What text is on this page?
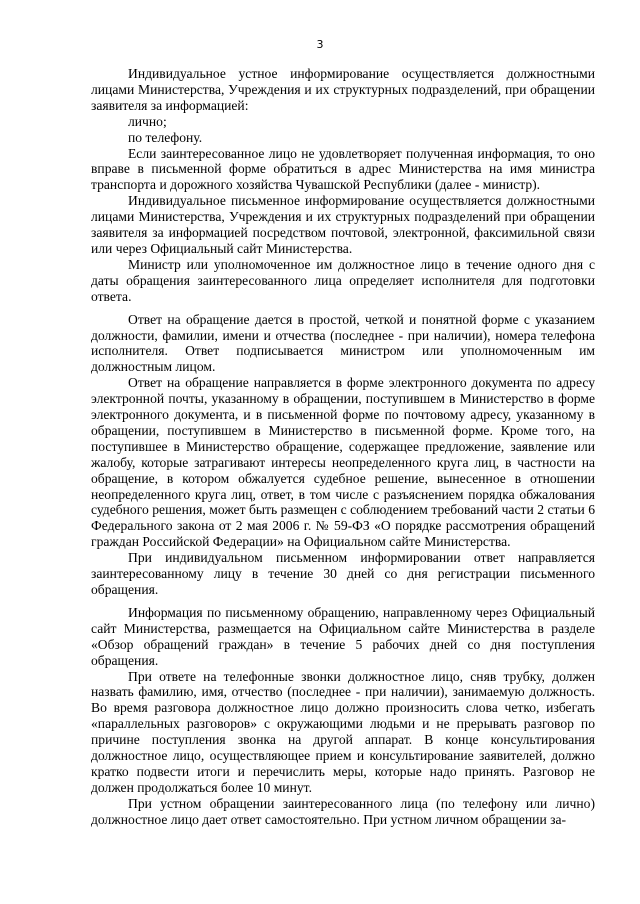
3

Индивидуальное устное информирование осуществляется должностными лицами Министерства, Учреждения и их структурных подразделений, при обращении заявителя за информацией:

лично;

по телефону.

Если заинтересованное лицо не удовлетворяет полученная информация, то оно вправе в письменной форме обратиться в адрес Министерства на имя министра транспорта и дорожного хозяйства Чувашской Республики (далее - министр).

Индивидуальное письменное информирование осуществляется должностными лицами Министерства, Учреждения и их структурных подразделений при обращении заявителя за информацией посредством почтовой, электронной, факсимильной связи или через Официальный сайт Министерства.

Министр или уполномоченное им должностное лицо в течение одного дня с даты обращения заинтересованного лица определяет исполнителя для подготовки ответа.

Ответ на обращение дается в простой, четкой и понятной форме с указанием должности, фамилии, имени и отчества (последнее - при наличии), номера телефона исполнителя. Ответ подписывается министром или уполномоченным им должностным лицом.

Ответ на обращение направляется в форме электронного документа по адресу электронной почты, указанному в обращении, поступившем в Министерство в форме электронного документа, и в письменной форме по почтовому адресу, указанному в обращении, поступившем в Министерство в письменной форме. Кроме того, на поступившее в Министерство обращение, содержащее предложение, заявление или жалобу, которые затрагивают интересы неопределенного круга лиц, в частности на обращение, в котором обжалуется судебное решение, вынесенное в отношении неопределенного круга лиц, ответ, в том числе с разъяснением порядка обжалования судебного решения, может быть размещен с соблюдением требований части 2 статьи 6 Федерального закона от 2 мая 2006 г. № 59-ФЗ «О порядке рассмотрения обращений граждан Российской Федерации» на Официальном сайте Министерства.

При индивидуальном письменном информировании ответ направляется заинтересованному лицу в течение 30 дней со дня регистрации письменного обращения.

Информация по письменному обращению, направленному через Официальный сайт Министерства, размещается на Официальном сайте Министерства в разделе «Обзор обращений граждан» в течение 5 рабочих дней со дня поступления обращения.

При ответе на телефонные звонки должностное лицо, сняв трубку, должен назвать фамилию, имя, отчество (последнее - при наличии), занимаемую должность. Во время разговора должностное лицо должно произносить слова четко, избегать «параллельных разговоров» с окружающими людьми и не прерывать разговор по причине поступления звонка на другой аппарат. В конце консультирования должностное лицо, осуществляющее прием и консультирование заявителей, должно кратко подвести итоги и перечислить меры, которые надо принять. Разговор не должен продолжаться более 10 минут.

При устном обращении заинтересованного лица (по телефону или лично) должностное лицо дает ответ самостоятельно. При устном личном обращении за-
